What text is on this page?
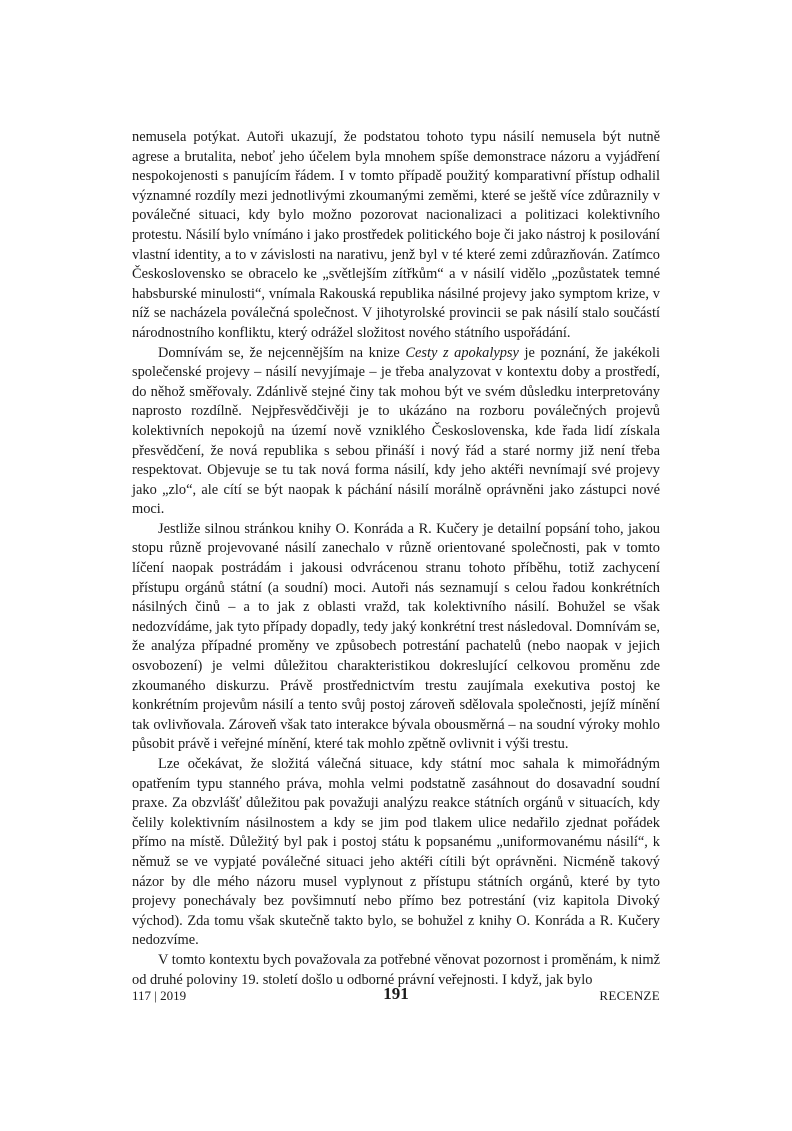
nemusela potýkat. Autoři ukazují, že podstatou tohoto typu násilí nemusela být nutně agrese a brutalita, neboť jeho účelem byla mnohem spíše demonstrace názoru a vyjádření nespokojenosti s panujícím řádem. I v tomto případě použitý komparativní přístup odhalil významné rozdíly mezi jednotlivými zkoumanými zeměmi, které se ještě více zdůraznily v poválečné situaci, kdy bylo možno pozorovat nacionalizaci a politizaci kolektivního protestu. Násilí bylo vnímáno i jako prostředek politického boje či jako nástroj k posilování vlastní identity, a to v závislosti na narativu, jenž byl v té které zemi zdůrazňován. Zatímco Československo se obracelo ke „světlejším zítřkům“ a v násilí vidělo „pozůstatek temné habsburské minulosti“, vnímala Rakouská republika násilné projevy jako symptom krize, v níž se nacházela poválečná společnost. V jihotyrolské provincii se pak násilí stalo součástí národnostního konfliktu, který odrážel složitost nového státního uspořádání.

Domnívám se, že nejcennějším na knize Cesty z apokalypsy je poznání, že jakékoli společenské projevy – násilí nevyjímaje – je třeba analyzovat v kontextu doby a prostředí, do něhož směřovaly. Zdánlivě stejné činy tak mohou být ve svém důsledku interpretovány naprosto rozdílně. Nejpřesvědčivěji je to ukázáno na rozboru poválečných projevů kolektivních nepokojů na území nově vzniklého Československa, kde řada lidí získala přesvědčení, že nová republika s sebou přináší i nový řád a staré normy již není třeba respektovat. Objevuje se tu tak nová forma násilí, kdy jeho aktéři nevnímají své projevy jako „zlo“, ale cítí se být naopak k páchání násilí morálně oprávněni jako zástupci nové moci.

Jestliže silnou stránkou knihy O. Konráda a R. Kučery je detailní popsání toho, jakou stopu různě projevované násilí zanechalo v různě orientované společnosti, pak v tomto líčení naopak postrádám i jakousi odvrácenou stranu tohoto příběhu, totiž zachycení přístupu orgánů státní (a soudní) moci. Autoři nás seznamují s celou řadou konkrétních násilných činů – a to jak z oblasti vražd, tak kolektivního násilí. Bohužel se však nedozvídáme, jak tyto případy dopadly, tedy jaký konkrétní trest následoval. Domnívám se, že analýza případné proměny ve způsobech potrestání pachatelů (nebo naopak v jejich osvobození) je velmi důležitou charakteristikou dokreslující celkovou proměnu zde zkoumaného diskurzu. Právě prostřednictvím trestu zaujímala exekutiva postoj ke konkrétním projevům násilí a tento svůj postoj zároveň sdělovala společnosti, jejíž mínění tak ovlivňovala. Zároveň však tato interakce bývala obousměrná – na soudní výroky mohlo působit právě i veřejné mínění, které tak mohlo zpětně ovlivnit i výši trestu.

Lze očekávat, že složitá válečná situace, kdy státní moc sahala k mimořádným opatřením typu stanného práva, mohla velmi podstatně zasáhnout do dosavadní soudní praxe. Za obzvlášť důležitou pak považuji analýzu reakce státních orgánů v situacích, kdy čelily kolektivním násilnostem a kdy se jim pod tlakem ulice nedařilo zjednat pořádek přímo na místě. Důležitý byl pak i postoj státu k popsanému „uniformovanému násilí“, k němuž se ve vypjaté poválečné situaci jeho aktéři cítili být oprávněni. Nicméně takový názor by dle mého názoru musel vyplynout z přístupu státních orgánů, které by tyto projevy ponechávaly bez povšimnutí nebo přímo bez potrestání (viz kapitola Divoký východ). Zda tomu však skutečně takto bylo, se bohužel z knihy O. Konráda a R. Kučery nedozvíme.

V tomto kontextu bych považovala za potřebné věnovat pozornost i proměnám, k nimž od druhé poloviny 19. století došlo u odborné právní veřejnosti. I když, jak bylo

117 | 2019	191	RECENZE
